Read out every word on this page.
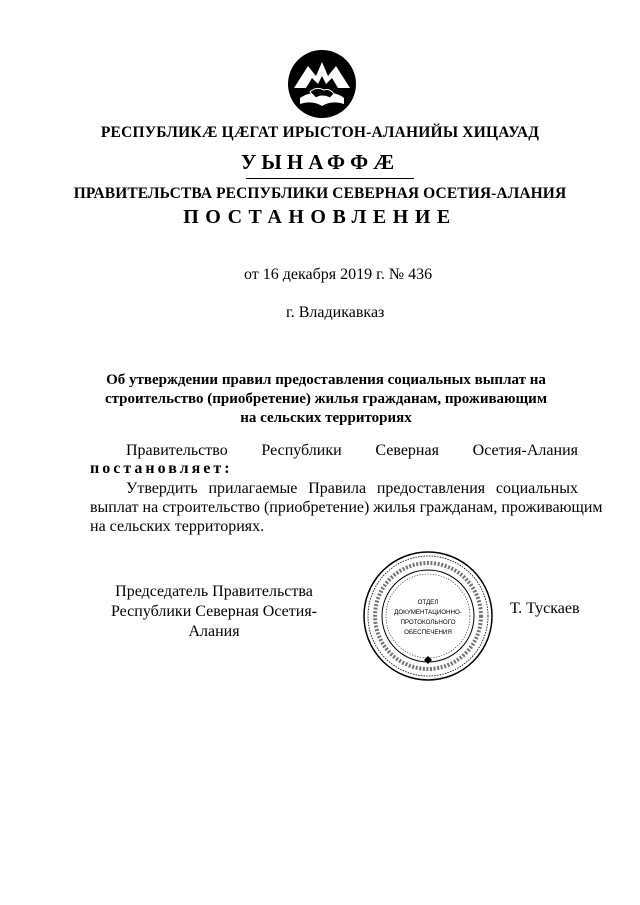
РЕСПУБЛИКÆ ЦÆГАТ ИРЫСТОН-АЛАНИЙЫ ХИЦАУАД
УЫНАФФÆ
ПРАВИТЕЛЬСТВА РЕСПУБЛИКИ СЕВЕРНАЯ ОСЕТИЯ-АЛАНИЯ
ПОСТАНОВЛЕНИЕ
от 16 декабря 2019 г. № 436
г. Владикавказ
Об утверждении правил предоставления социальных выплат на
строительство (приобретение) жилья гражданам, проживающим
на сельских территориях
Правительство Республики Северная Осетия-Алания
постановляет:
Утвердить прилагаемые Правила предоставления социальных
выплат на строительство (приобретение) жилья гражданам, проживающим
на сельских территориях.
Председатель Правительства
Республики Северная Осетия-Алания
Т. Тускаев
ОТДЕЛ
ДОКУМЕНТАЦИОННО-
ПРОТОКОЛЬНОГО
ОБЕСПЕЧЕНИЯ
